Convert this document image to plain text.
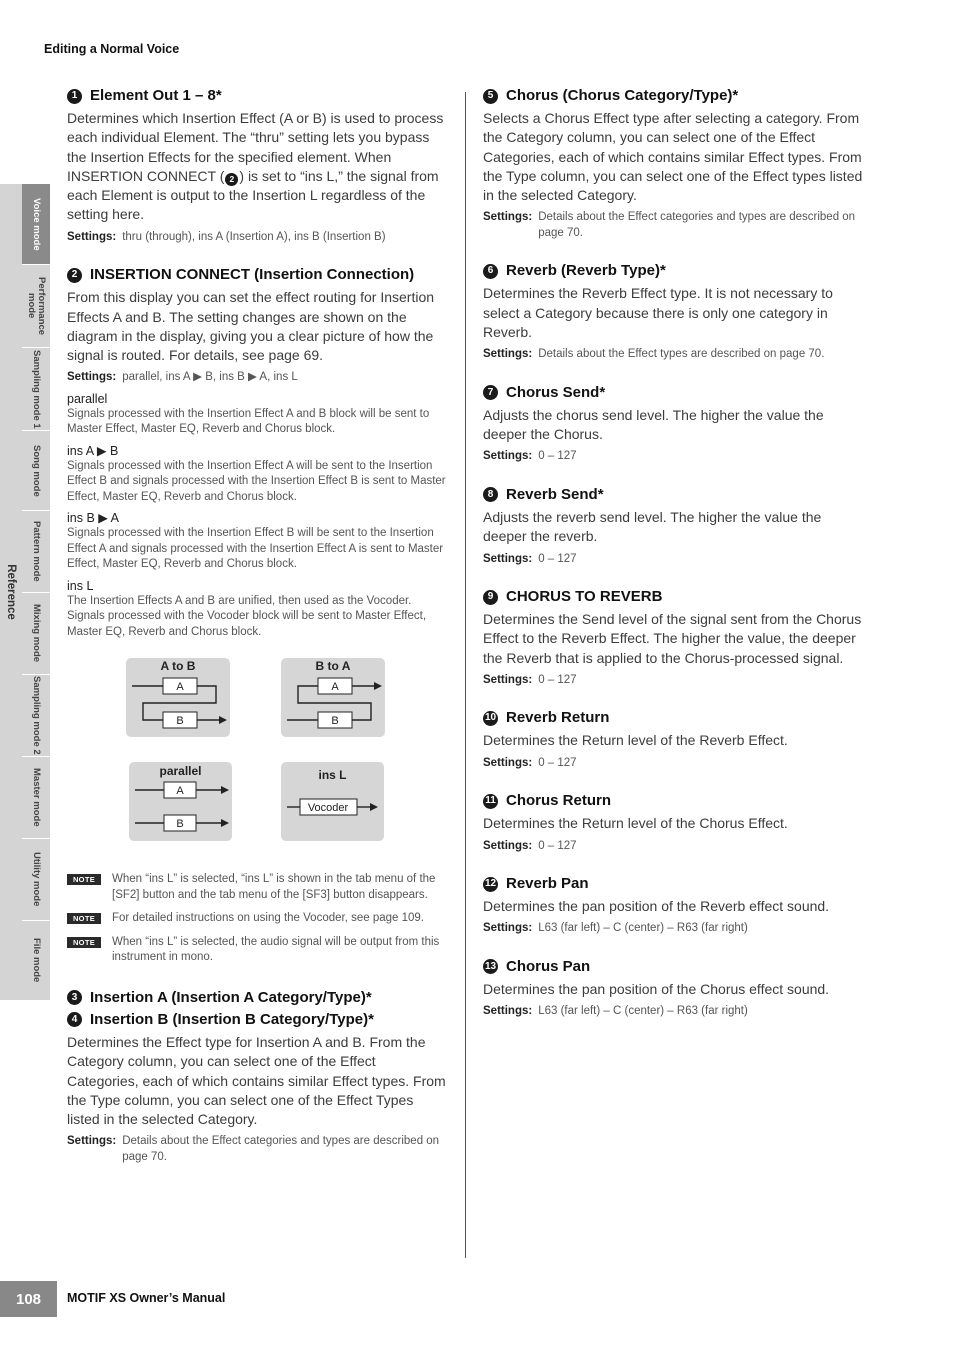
Editing a Normal Voice
Reference
Voice mode
Performance mode
Sampling mode 1
Song mode
Pattern mode
Mixing mode
Sampling mode 2
Master mode
Utility mode
File mode
1 Element Out 1 – 8*

Determines which Insertion Effect (A or B) is used to process each individual Element. The “thru” setting lets you bypass the Insertion Effects for the specified element. When INSERTION CONNECT ( 2 ) is set to “ins L,” the signal from each Element is output to the Insertion L regardless of the setting here.

Settings: thru (through), ins A (Insertion A), ins B (Insertion B)
2 INSERTION CONNECT (Insertion Connection)

From this display you can set the effect routing for Insertion Effects A and B. The setting changes are shown on the diagram in the display, giving you a clear picture of how the signal is routed. For details, see page 69.

Settings: parallel, ins A ▶ B, ins B ▶ A, ins L
parallel
Signals processed with the Insertion Effect A and B block will be sent to Master Effect, Master EQ, Reverb and Chorus block.
ins A ▶ B
Signals processed with the Insertion Effect A will be sent to the Insertion Effect B and signals processed with the Insertion Effect B is sent to Master Effect, Master EQ, Reverb and Chorus block.
ins B ▶ A
Signals processed with the Insertion Effect B will be sent to the Insertion Effect A and signals processed with the Insertion Effect A is sent to Master Effect, Master EQ, Reverb and Chorus block.
ins L
The Insertion Effects A and B are unified, then used as the Vocoder. Signals processed with the Vocoder block will be sent to Master Effect, Master EQ, Reverb and Chorus block.
A to B
A
B
B to A
B
A
parallel
A
B
ins L
Vocoder
NOTE	When “ins L” is selected, “ins L” is shown in the tab menu of the [SF2] button and the tab menu of the [SF3] button disappears.
NOTE	For detailed instructions on using the Vocoder, see page 109.
NOTE	When “ins L” is selected, the audio signal will be output from this instrument in mono.
3 Insertion A (Insertion A Category/Type)*
4 Insertion B (Insertion B Category/Type)*

Determines the Effect type for Insertion A and B. From the Category column, you can select one of the Effect Categories, each of which contains similar Effect types. From the Type column, you can select one of the Effect Types listed in the selected Category.

Settings: Details about the Effect categories and types are described on page 70.
5 Chorus (Chorus Category/Type)*

Selects a Chorus Effect type after selecting a category. From the Category column, you can select one of the Effect Categories, each of which contains similar Effect types. From the Type column, you can select one of the Effect types listed in the selected Category.

Settings: Details about the Effect categories and types are described on page 70.
6 Reverb (Reverb Type)*

Determines the Reverb Effect type. It is not necessary to select a Category because there is only one category in Reverb.

Settings: Details about the Effect types are described on page 70.
7 Chorus Send*

Adjusts the chorus send level. The higher the value the deeper the Chorus.

Settings: 0 – 127
8 Reverb Send*

Adjusts the reverb send level. The higher the value the deeper the reverb.

Settings: 0 – 127
9 CHORUS TO REVERB

Determines the Send level of the signal sent from the Chorus Effect to the Reverb Effect. The higher the value, the deeper the Reverb that is applied to the Chorus-processed signal.

Settings: 0 – 127
10 Reverb Return

Determines the Return level of the Reverb Effect.

Settings: 0 – 127
11 Chorus Return

Determines the Return level of the Chorus Effect.

Settings: 0 – 127
12 Reverb Pan

Determines the pan position of the Reverb effect sound.

Settings: L63 (far left) – C (center) – R63 (far right)
13 Chorus Pan

Determines the pan position of the Chorus effect sound.

Settings: L63 (far left) – C (center) – R63 (far right)
108	MOTIF XS Owner’s Manual
